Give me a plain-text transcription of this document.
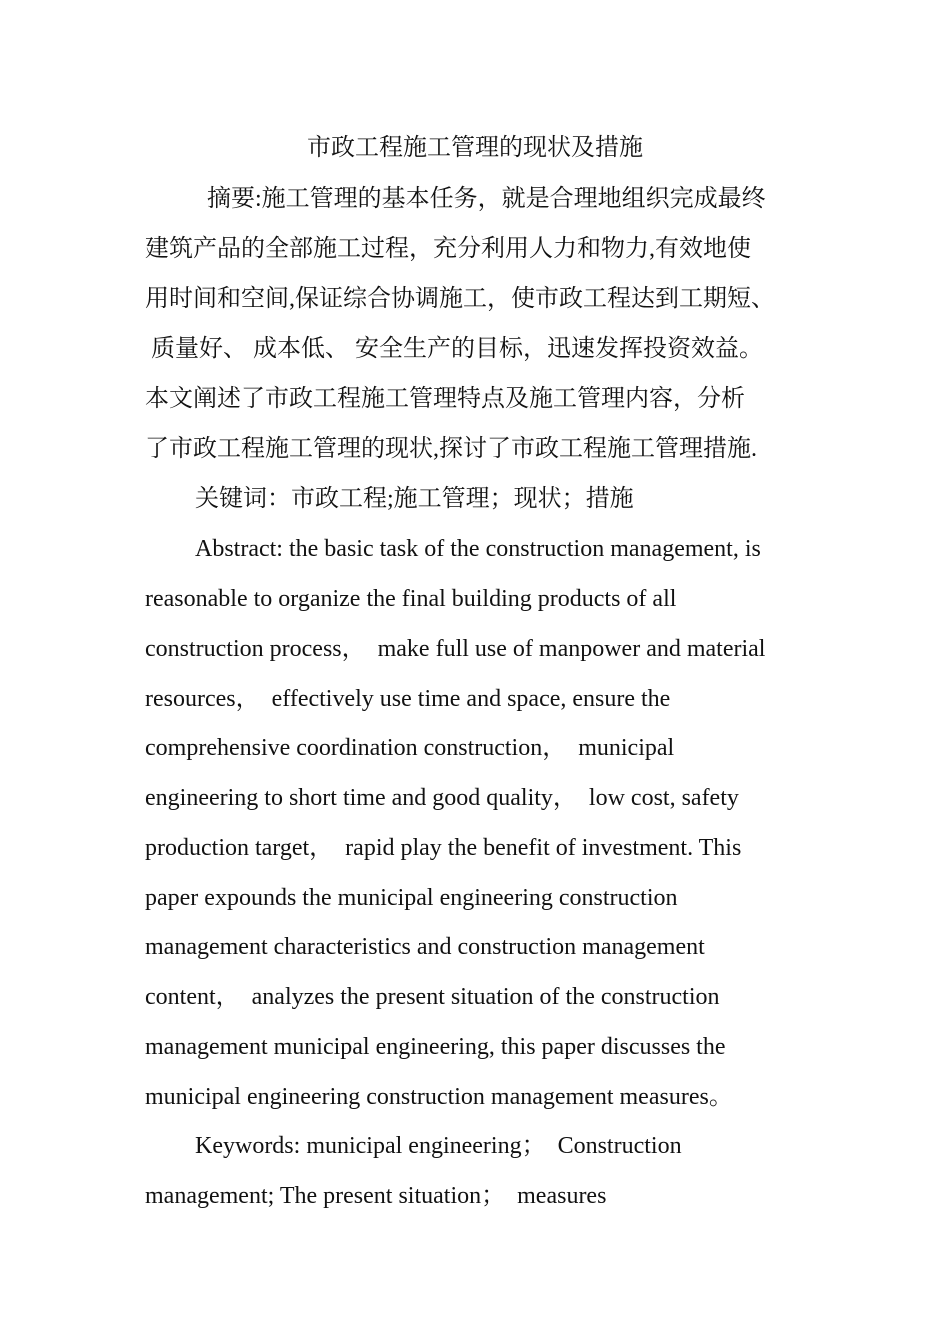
市政工程施工管理的现状及措施

摘要:施工管理的基本任务，就是合理地组织完成最终

建筑产品的全部施工过程，充分利用人力和物力,有效地使

用时间和空间,保证综合协调施工，使市政工程达到工期短、

质量好、 成本低、 安全生产的目标，迅速发挥投资效益。

本文阐述了市政工程施工管理特点及施工管理内容，分析

了市政工程施工管理的现状,探讨了市政工程施工管理措施.

关键词：市政工程;施工管理；现状；措施

Abstract: the basic task of the construction management, is

reasonable to organize the final building products of all

construction process，  make full use of manpower and material

resources，  effectively use time and space, ensure the

comprehensive coordination construction，  municipal

engineering to short time and good quality，  low cost, safety

production target，  rapid play the benefit of investment. This

paper expounds the municipal engineering construction

management characteristics and construction management

content，  analyzes the present situation of the construction

management municipal engineering, this paper discusses the

municipal engineering construction management measures。

Keywords: municipal engineering；  Construction

management; The present situation；  measures
